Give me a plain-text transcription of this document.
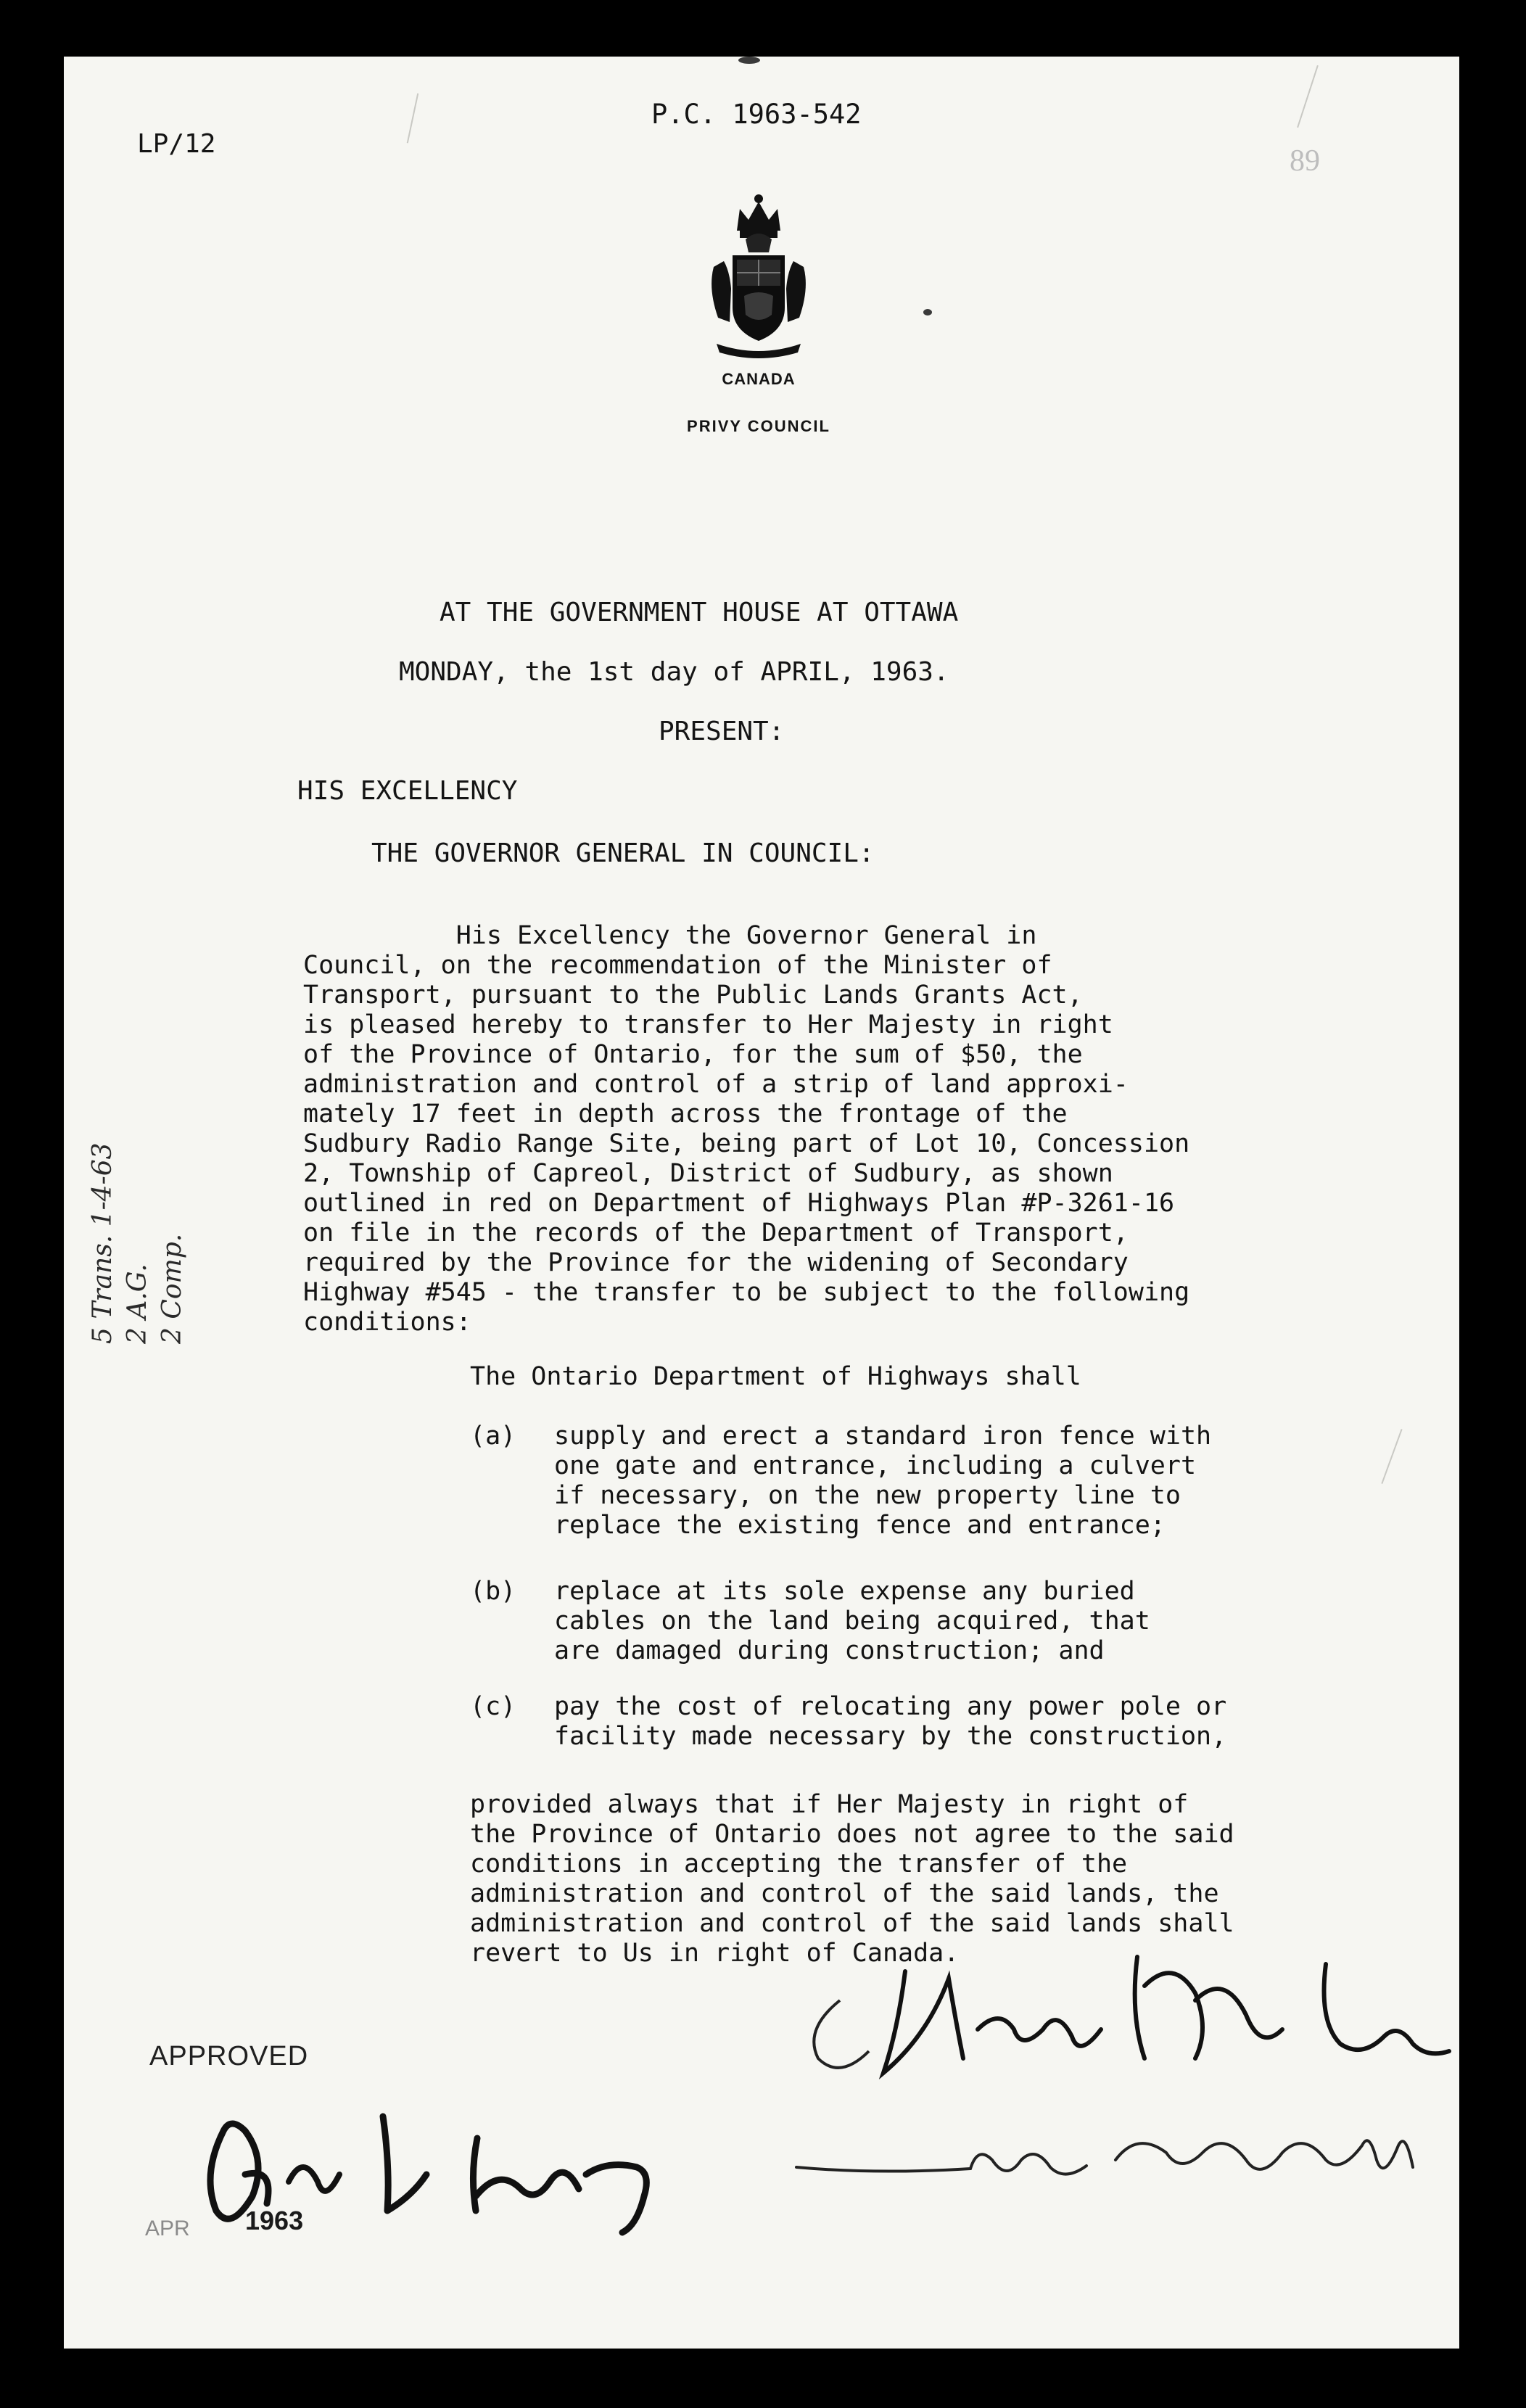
LP/12
P.C. 1963-542
89
CANADA
PRIVY COUNCIL
AT THE GOVERNMENT HOUSE AT OTTAWA
MONDAY, the 1st day of APRIL, 1963.
PRESENT:
HIS EXCELLENCY
THE GOVERNOR GENERAL IN COUNCIL:
His Excellency the Governor General in
Council, on the recommendation of the Minister of
Transport, pursuant to the Public Lands Grants Act,
is pleased hereby to transfer to Her Majesty in right
of the Province of Ontario, for the sum of $50, the
administration and control of a strip of land approxi-
mately 17 feet in depth across the frontage of the
Sudbury Radio Range Site, being part of Lot 10, Concession
2, Township of Capreol, District of Sudbury, as shown
outlined in red on Department of Highways Plan #P-3261-16
on file in the records of the Department of Transport,
required by the Province for the widening of Secondary
Highway #545 - the transfer to be subject to the following
conditions:
The Ontario Department of Highways shall
(a) supply and erect a standard iron fence with
one gate and entrance, including a culvert
if necessary, on the new property line to
replace the existing fence and entrance;
(b) replace at its sole expense any buried
cables on the land being acquired, that
are damaged during construction; and
(c) pay the cost of relocating any power pole or
facility made necessary by the construction,
provided always that if Her Majesty in right of
the Province of Ontario does not agree to the said
conditions in accepting the transfer of the
administration and control of the said lands, the
administration and control of the said lands shall
revert to Us in right of Canada.
5 Trans. 1-4-63 2 A.G. 2 Comp.
APPROVED
APR 1963
